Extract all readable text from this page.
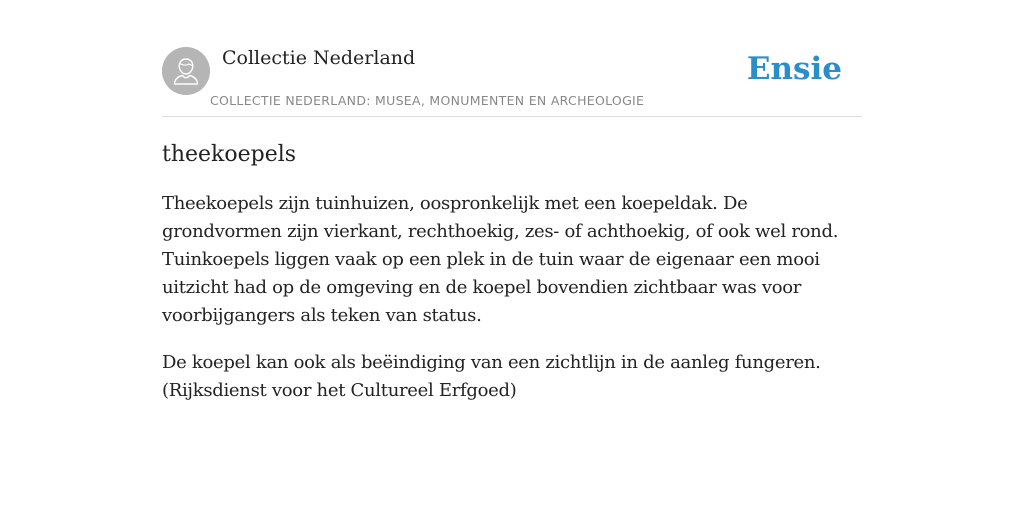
Collectie Nederland
COLLECTIE NEDERLAND: MUSEA, MONUMENTEN EN ARCHEOLOGIE
Ensie
theekoepels

Theekoepels zijn tuinhuizen, oospronkelijk met een koepeldak. De grondvormen zijn vierkant, rechthoekig, zes- of achthoekig, of ook wel rond. Tuinkoepels liggen vaak op een plek in de tuin waar de eigenaar een mooi uitzicht had op de omgeving en de koepel bovendien zichtbaar was voor voorbijgangers als teken van status.

De koepel kan ook als beëindiging van een zichtlijn in de aanleg fungeren. (Rijksdienst voor het Cultureel Erfgoed)
